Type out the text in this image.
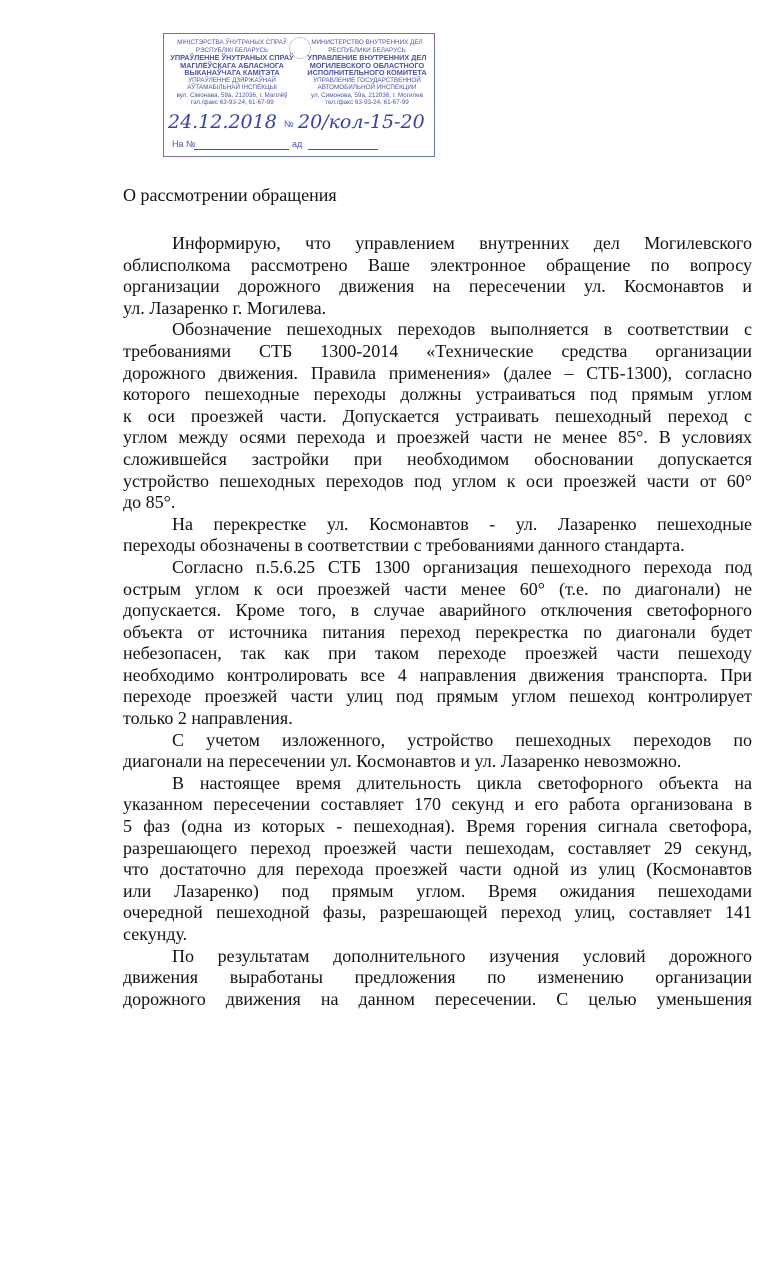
МІНІСТЭРСТВА ЎНУТРАНЫХ СПРАЎ
РЭСПУБЛІКІ БЕЛАРУСЬ
УПРАЎЛЕННЕ ЎНУТРАНЫХ СПРАЎ
МАГІЛЁЎСКАГА АБЛАСНОГА
ВЫКАНАЎЧАГА КАМІТЭТА
УПРАЎЛЕННЕ ДЗЯРЖАЎНАЙ
АЎТАМАБІЛЬНАЙ ІНСПЕКЦЫІ
вул. Сімонава, 59а, 212036, г. Магілёў
тэл./факс 63-93-24, 61-67-99
МИНИСТЕРСТВО ВНУТРЕННИХ ДЕЛ
РЕСПУБЛИКИ БЕЛАРУСЬ
УПРАВЛЕНИЕ ВНУТРЕННИХ ДЕЛ
МОГИЛЕВСКОГО ОБЛАСТНОГО
ИСПОЛНИТЕЛЬНОГО КОМИТЕТА
УПРАВЛЕНИЕ ГОСУДАРСТВЕННОЙ
АВТОМОБИЛЬНОЙ ИНСПЕКЦИИ
ул. Симонова, 59а, 212036, г. Могилев
тел./факс 63-93-24, 61-67-99
24.12.2018 № 20/кол-15-20
На №	ад
О рассмотрении обращения
Информирую, что управлением внутренних дел Могилевского
облисполкома рассмотрено Ваше электронное обращение по вопросу
организации дорожного движения на пересечении ул. Космонавтов и
ул. Лазаренко г. Могилева.
Обозначение пешеходных переходов выполняется в соответствии с
требованиями СТБ 1300-2014 «Технические средства организации
дорожного движения. Правила применения» (далее – СТБ-1300), согласно
которого пешеходные переходы должны устраиваться под прямым углом
к оси проезжей части. Допускается устраивать пешеходный переход с
углом между осями перехода и проезжей части не менее 85°. В условиях
сложившейся застройки при необходимом обосновании допускается
устройство пешеходных переходов под углом к оси проезжей части от 60°
до 85°.
На перекрестке ул. Космонавтов - ул. Лазаренко пешеходные
переходы обозначены в соответствии с требованиями данного стандарта.
Согласно п.5.6.25 СТБ 1300 организация пешеходного перехода под
острым углом к оси проезжей части менее 60° (т.е. по диагонали) не
допускается. Кроме того, в случае аварийного отключения светофорного
объекта от источника питания переход перекрестка по диагонали будет
небезопасен, так как при таком переходе проезжей части пешеходу
необходимо контролировать все 4 направления движения транспорта. При
переходе проезжей части улиц под прямым углом пешеход контролирует
только 2 направления.
С учетом изложенного, устройство пешеходных переходов по
диагонали на пересечении ул. Космонавтов и ул. Лазаренко невозможно.
В настоящее время длительность цикла светофорного объекта на
указанном пересечении составляет 170 секунд и его работа организована в
5 фаз (одна из которых - пешеходная). Время горения сигнала светофора,
разрешающего переход проезжей части пешеходам, составляет 29 секунд,
что достаточно для перехода проезжей части одной из улиц (Космонавтов
или Лазаренко) под прямым углом. Время ожидания пешеходами
очередной пешеходной фазы, разрешающей переход улиц, составляет 141
секунду.
По результатам дополнительного изучения условий дорожного
движения выработаны предложения по изменению организации
дорожного движения на данном пересечении. С целью уменьшения
